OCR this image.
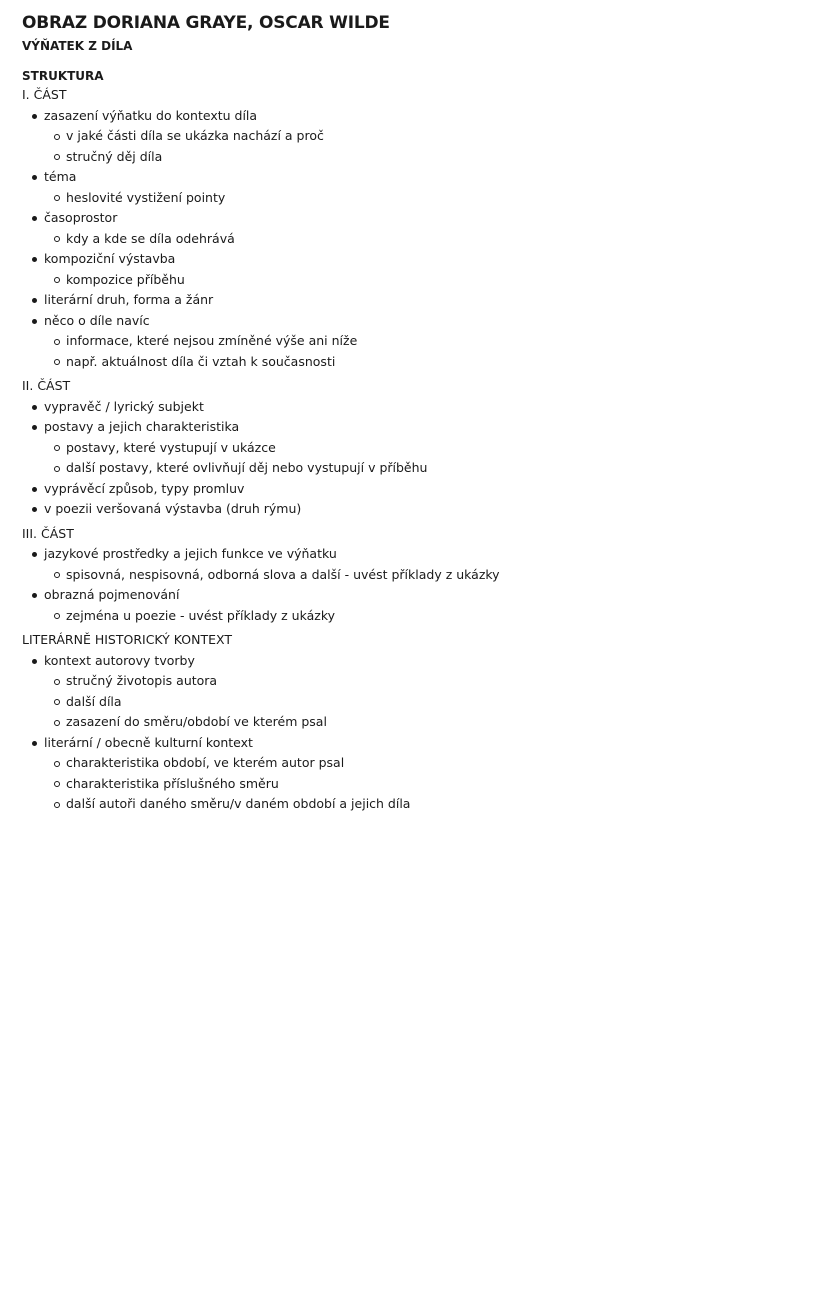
OBRAZ DORIANA GRAYE, OSCAR WILDE
VÝŇATEK Z DÍLA
STRUKTURA
I. ČÁST
zasazení výňatku do kontextu díla
v jaké části díla se ukázka nachází a proč
stručný děj díla
téma
heslovité vystižení pointy
časoprostor
kdy a kde se díla odehrává
kompoziční výstavba
kompozice příběhu
literární druh, forma a žánr
něco o díle navíc
informace, které nejsou zmíněné výše ani níže
např. aktuálnost díla či vztah k současnosti
II. ČÁST
vypravěč / lyrický subjekt
postavy a jejich charakteristika
postavy, které vystupují v ukázce
další postavy, které ovlivňují děj nebo vystupují v příběhu
vyprávěcí způsob, typy promluv
v poezii veršovaná výstavba (druh rýmu)
III. ČÁST
jazykové prostředky a jejich funkce ve výňatku
spisovná, nespisovná, odborná slova a další - uvést příklady z ukázky
obrazná pojmenování
zejména u poezie - uvést příklady z ukázky
LITERÁRNĚ HISTORICKÝ KONTEXT
kontext autorovy tvorby
stručný životopis autora
další díla
zasazení do směru/období ve kterém psal
literární / obecně kulturní kontext
charakteristika období, ve kterém autor psal
charakteristika příslušného směru
další autoři daného směru/v daném období a jejich díla
